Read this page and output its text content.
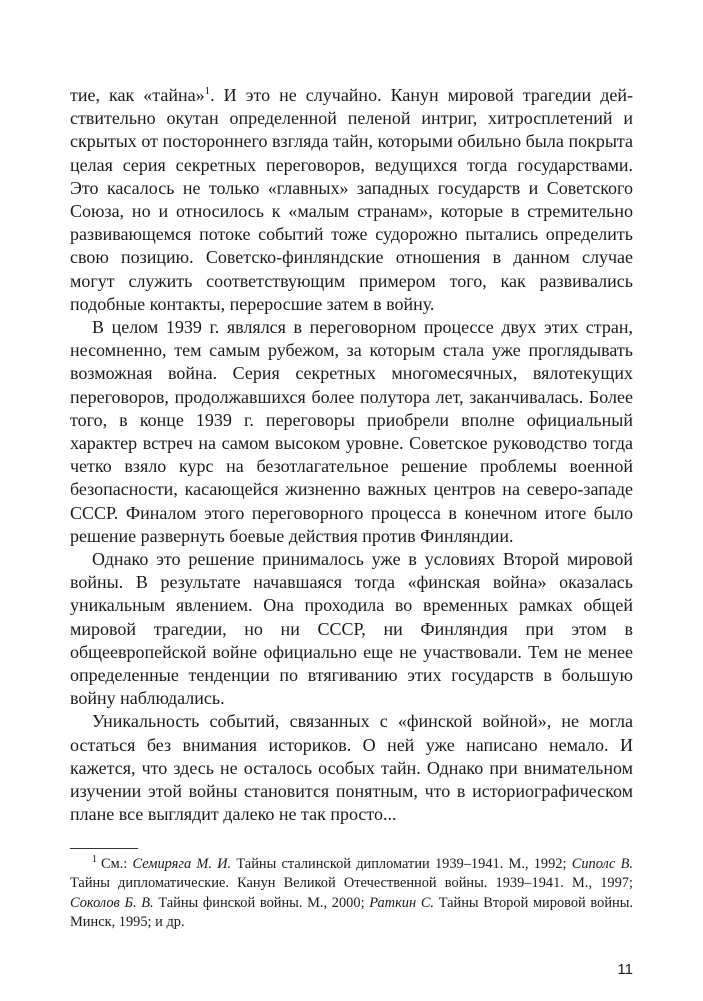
тие, как «тайна»$^1$. И это не случайно. Канун мировой трагедии действительно окутан определенной пеленой интриг, хитросплетений и скрытых от постороннего взгляда тайн, которыми обильно была покрыта целая серия секретных переговоров, ведущихся тогда государствами. Это касалось не только «главных» западных государств и Советского Союза, но и относилось к «малым странам», которые в стремительно развивающемся потоке событий тоже судорожно пытались определить свою позицию. Советско-финляндские отношения в данном случае могут служить соответствующим примером того, как развивались подобные контакты, переросшие затем в войну.

В целом 1939 г. являлся в переговорном процессе двух этих стран, несомненно, тем самым рубежом, за которым стала уже проглядывать возможная война. Серия секретных многомесячных, вялотекущих переговоров, продолжавшихся более полутора лет, заканчивалась. Более того, в конце 1939 г. переговоры приобрели вполне официальный характер встреч на самом высоком уровне. Советское руководство тогда четко взяло курс на безотлагательное решение проблемы военной безопасности, касающейся жизненно важных центров на северо-западе СССР. Финалом этого переговорного процесса в конечном итоге было решение развернуть боевые действия против Финляндии.

Однако это решение принималось уже в условиях Второй мировой войны. В результате начавшаяся тогда «финская война» оказалась уникальным явлением. Она проходила во временных рамках общей мировой трагедии, но ни СССР, ни Финляндия при этом в общеевропейской войне официально еще не участвовали. Тем не менее определенные тенденции по втягиванию этих государств в большую войну наблюдались.

Уникальность событий, связанных с «финской войной», не могла остаться без внимания историков. О ней уже написано немало. И кажется, что здесь не осталось особых тайн. Однако при внимательном изучении этой войны становится понятным, что в историографическом плане все выглядит далеко не так просто...

$^1$ См.: Семиряга М. И. Тайны сталинской дипломатии 1939–1941. М., 1992; Сиполс В. Тайны дипломатические. Канун Великой Отечественной войны. 1939–1941. М., 1997; Соколов Б. В. Тайны финской войны. М., 2000; Раткин С. Тайны Второй мировой войны. Минск, 1995; и др.

11
